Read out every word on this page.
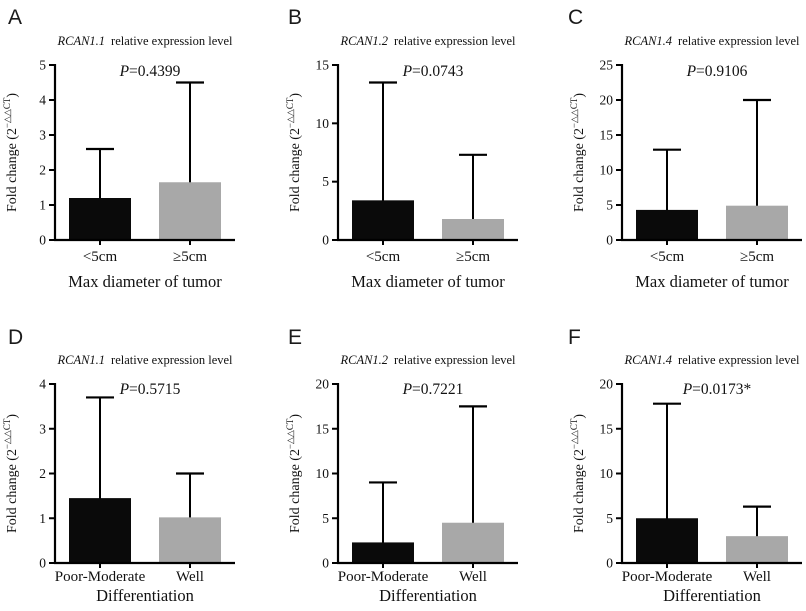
A
RCAN1.1 relative expression level
P=0.4399
0
1
2
3
4
5
<5cm	≥5cm
Max diameter of tumor
Fold change $(2^{-\triangle\triangle CT})$
B
RCAN1.2 relative expression level
P=0.0743
0
5
10
15
<5cm	≥5cm
Max diameter of tumor
Fold change $(2^{-\triangle\triangle CT})$
C
RCAN1.4 relative expression level
P=0.9106
0
5
10
15
20
25
<5cm	≥5cm
Max diameter of tumor
Fold change $(2^{-\triangle\triangle CT})$
D
RCAN1.1 relative expression level
P=0.5715
0
1
2
3
4
Poor-Moderate Well
Differentiation
Fold change $(2^{-\triangle\triangle CT})$
E
RCAN1.2 relative expression level
P=0.7221
0
5
10
15
20
Poor-Moderate Well
Differentiation
Fold change $(2^{-\triangle\triangle CT})$
F
RCAN1.4 relative expression level
P=0.0173*
0
5
10
15
20
Poor-Moderate Well
Differentiation
Fold change $(2^{-\triangle\triangle CT})$
